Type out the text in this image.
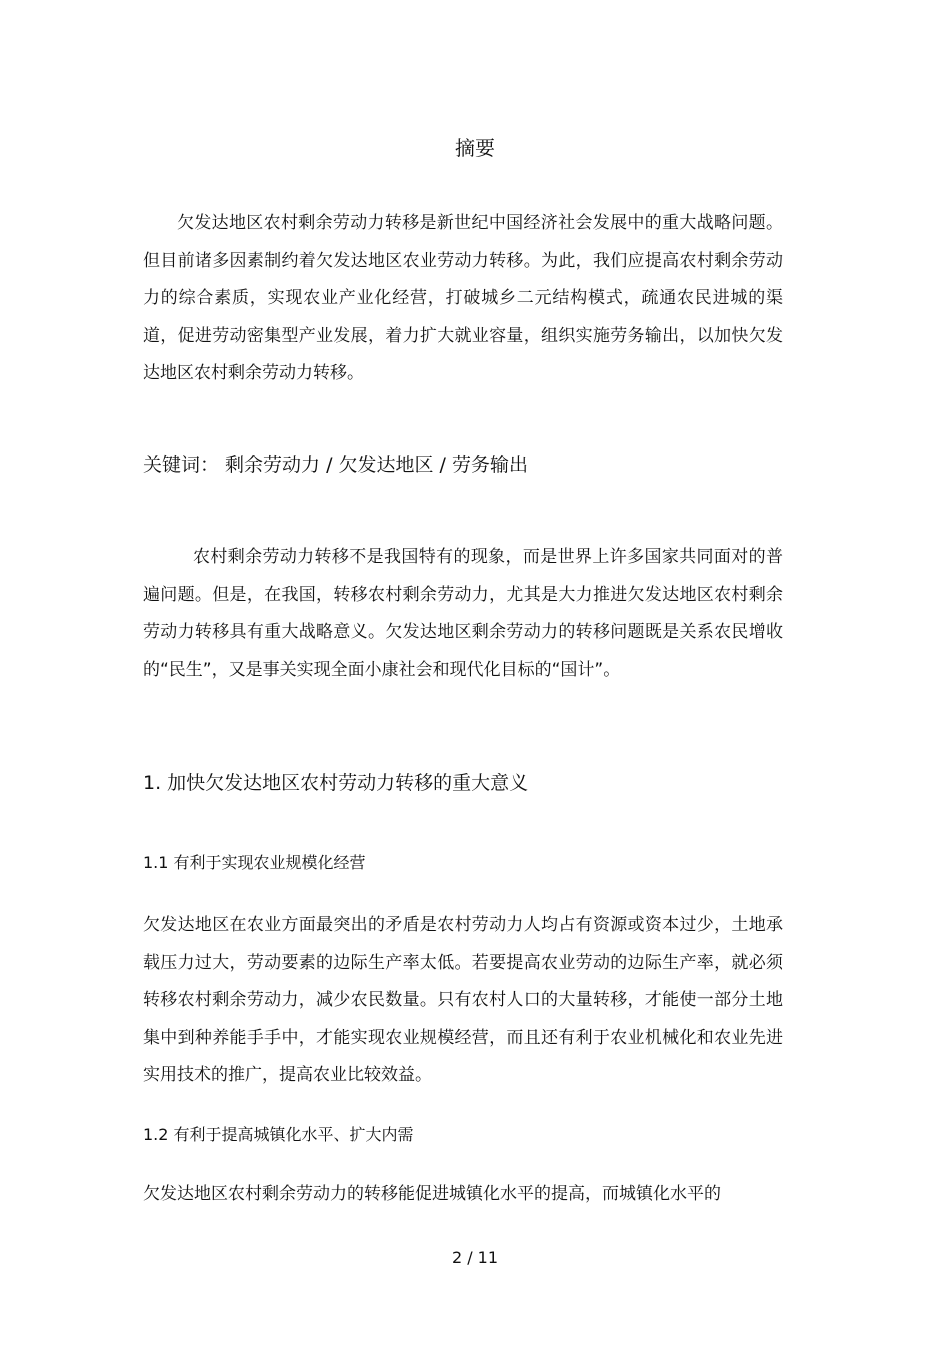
摘要

欠发达地区农村剩余劳动力转移是新世纪中国经济社会发展中的重大战略问题。但目前诸多因素制约着欠发达地区农业劳动力转移。为此，我们应提高农村剩余劳动力的综合素质，实现农业产业化经营，打破城乡二元结构模式，疏通农民进城的渠道，促进劳动密集型产业发展，着力扩大就业容量，组织实施劳务输出，以加快欠发达地区农村剩余劳动力转移。

关键词： 剩余劳动力 / 欠发达地区 / 劳务输出

农村剩余劳动力转移不是我国特有的现象，而是世界上许多国家共同面对的普遍问题。但是，在我国，转移农村剩余劳动力，尤其是大力推进欠发达地区农村剩余劳动力转移具有重大战略意义。欠发达地区剩余劳动力的转移问题既是关系农民增收的“民生”，又是事关实现全面小康社会和现代化目标的“国计”。

1. 加快欠发达地区农村劳动力转移的重大意义
1.1 有利于实现农业规模化经营

欠发达地区在农业方面最突出的矛盾是农村劳动力人均占有资源或资本过少，土地承载压力过大，劳动要素的边际生产率太低。若要提高农业劳动的边际生产率，就必须转移农村剩余劳动力，减少农民数量。只有农村人口的大量转移，才能使一部分土地集中到种养能手手中，才能实现农业规模经营，而且还有利于农业机械化和农业先进实用技术的推广，提高农业比较效益。

1.2 有利于提高城镇化水平、扩大内需

欠发达地区农村剩余劳动力的转移能促进城镇化水平的提高，而城镇化水平的

2 / 11
